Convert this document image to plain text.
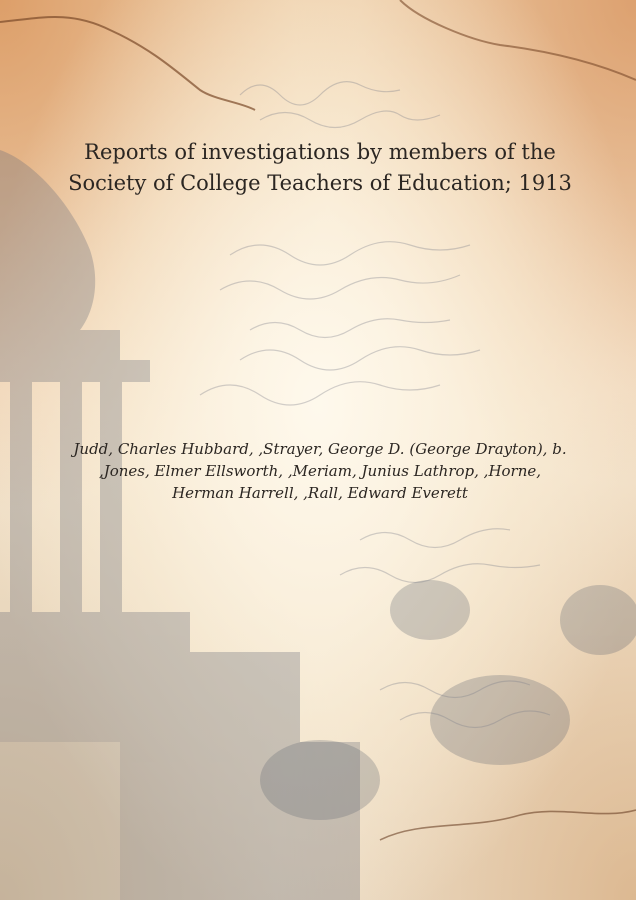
Reports of investigations by members of the Society of College Teachers of Education; 1913

Judd, Charles Hubbard, ,Strayer, George D. (George Drayton), b. ,Jones, Elmer Ellsworth, ,Meriam, Junius Lathrop, ,Horne, Herman Harrell, ,Rall, Edward Everett
